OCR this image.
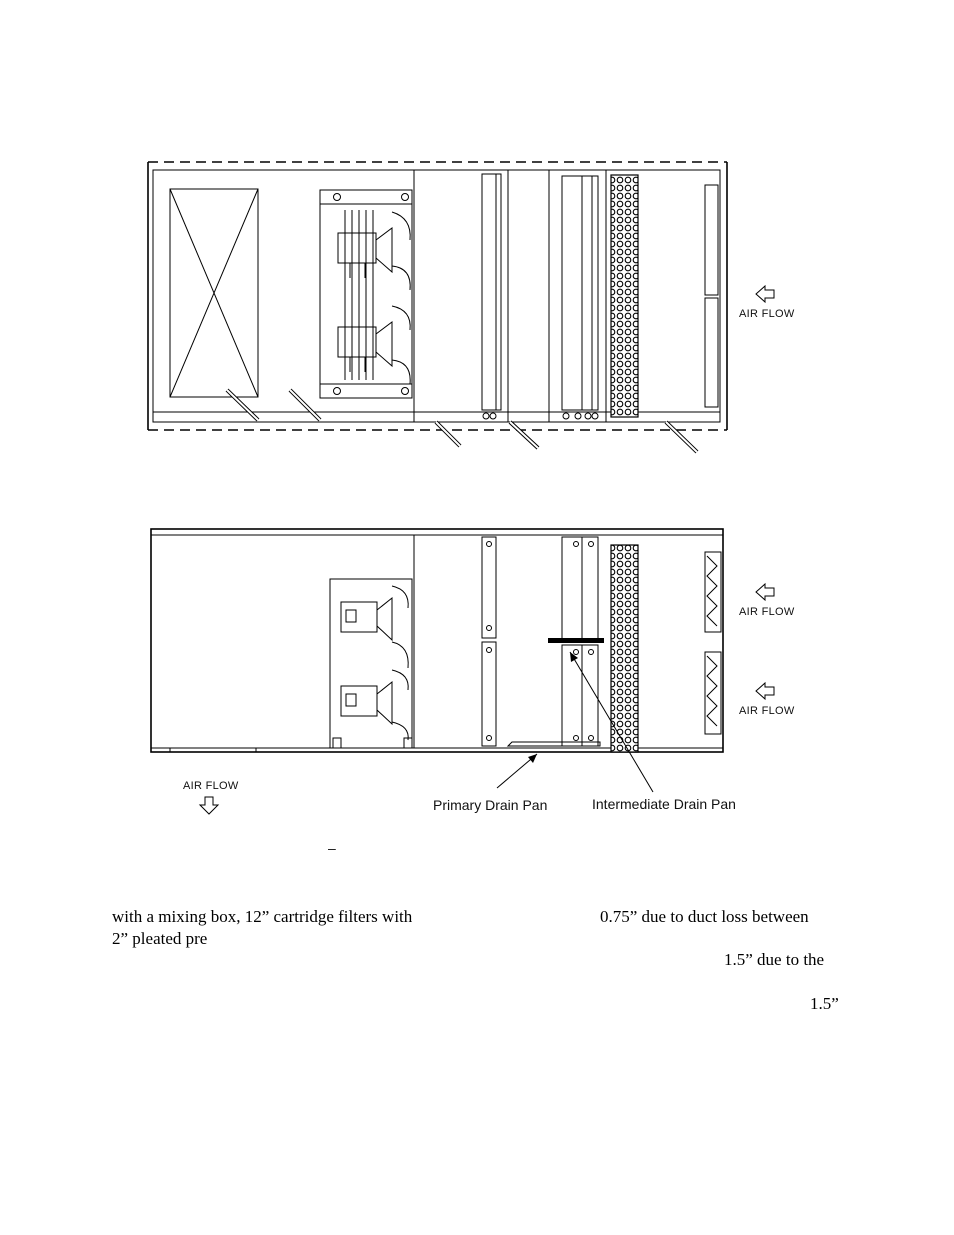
AIR FLOW
AIR FLOW
AIR FLOW
AIR FLOW
Primary Drain Pan	Intermediate Drain Pan
–
with a mixing box, 12” cartridge filters with	0.75” due to duct loss between
2” pleated pre
1.5” due to the
1.5”
